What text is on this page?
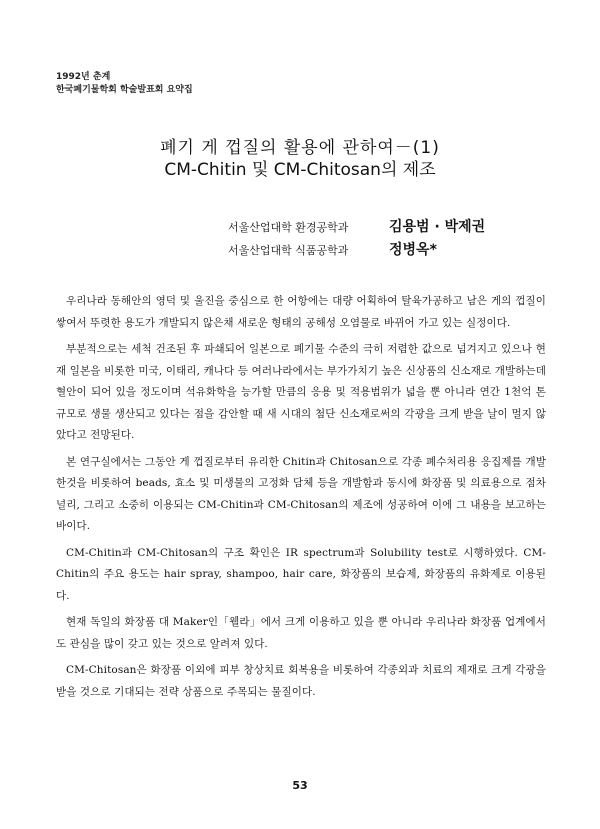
1992년 춘계
한국폐기물학회 학술발표회 요약집
폐기 게 껍질의 활용에 관하여－(1)
CM-Chitin 및 CM-Chitosan의 제조
서울산업대학 환경공학과	김용범 · 박제권
서울산업대학 식품공학과	정병옥*

우리나라 동해안의 영덕 및 울진을 중심으로 한 어항에는 대량 어획하여 탈육가공하고 남은 게의 껍질이 쌓여서 뚜렷한 용도가 개발되지 않은채 새로운 형태의 공해성 오염물로 바뀌어 가고 있는 실정이다.

부분적으로는 세척 건조된 후 파쇄되어 일본으로 폐기물 수준의 극히 저렴한 값으로 넘겨지고 있으나 현재 일본을 비롯한 미국, 이태리, 캐나다 등 여러나라에서는 부가가치기 높은 신상품의 신소재로 개발하는데 혈안이 되어 있을 정도이며 석유화학을 능가할 만큼의 응용 및 적용범위가 넓을 뿐 아니라 연간 1천억 톤 규모로 생물 생산되고 있다는 점을 감안할 때 새 시대의 첨단 신소재로써의 각광을 크게 받을 날이 멀지 않았다고 전망된다.

본 연구실에서는 그동안 게 껍질로부터 유리한 Chitin과 Chitosan으로 각종 폐수처리용 응집제를 개발한것을 비롯하여 beads, 효소 및 미생물의 고정화 담체 등을 개발함과 동시에 화장품 및 의료용으로 점차 널리, 그리고 소중히 이용되는 CM-Chitin과 CM-Chitosan의 제조에 성공하여 이에 그 내용을 보고하는 바이다.

CM-Chitin과 CM-Chitosan의 구조 확인은 IR spectrum과 Solubility test로 시행하였다. CM-Chitin의 주요 용도는 hair spray, shampoo, hair care, 화장품의 보습제, 화장품의 유화제로 이용된다.

현재 독일의 화장품 대 Maker인「웰라」에서 크게 이용하고 있을 뿐 아니라 우리나라 화장품 업계에서도 관심을 많이 갖고 있는 것으로 알려져 있다.

CM-Chitosan은 화장품 이외에 피부 창상치료 회복용을 비롯하여 각종외과 치료의 제재로 크게 각광을 받을 것으로 기대되는 전략 상품으로 주목되는 물질이다.

53
